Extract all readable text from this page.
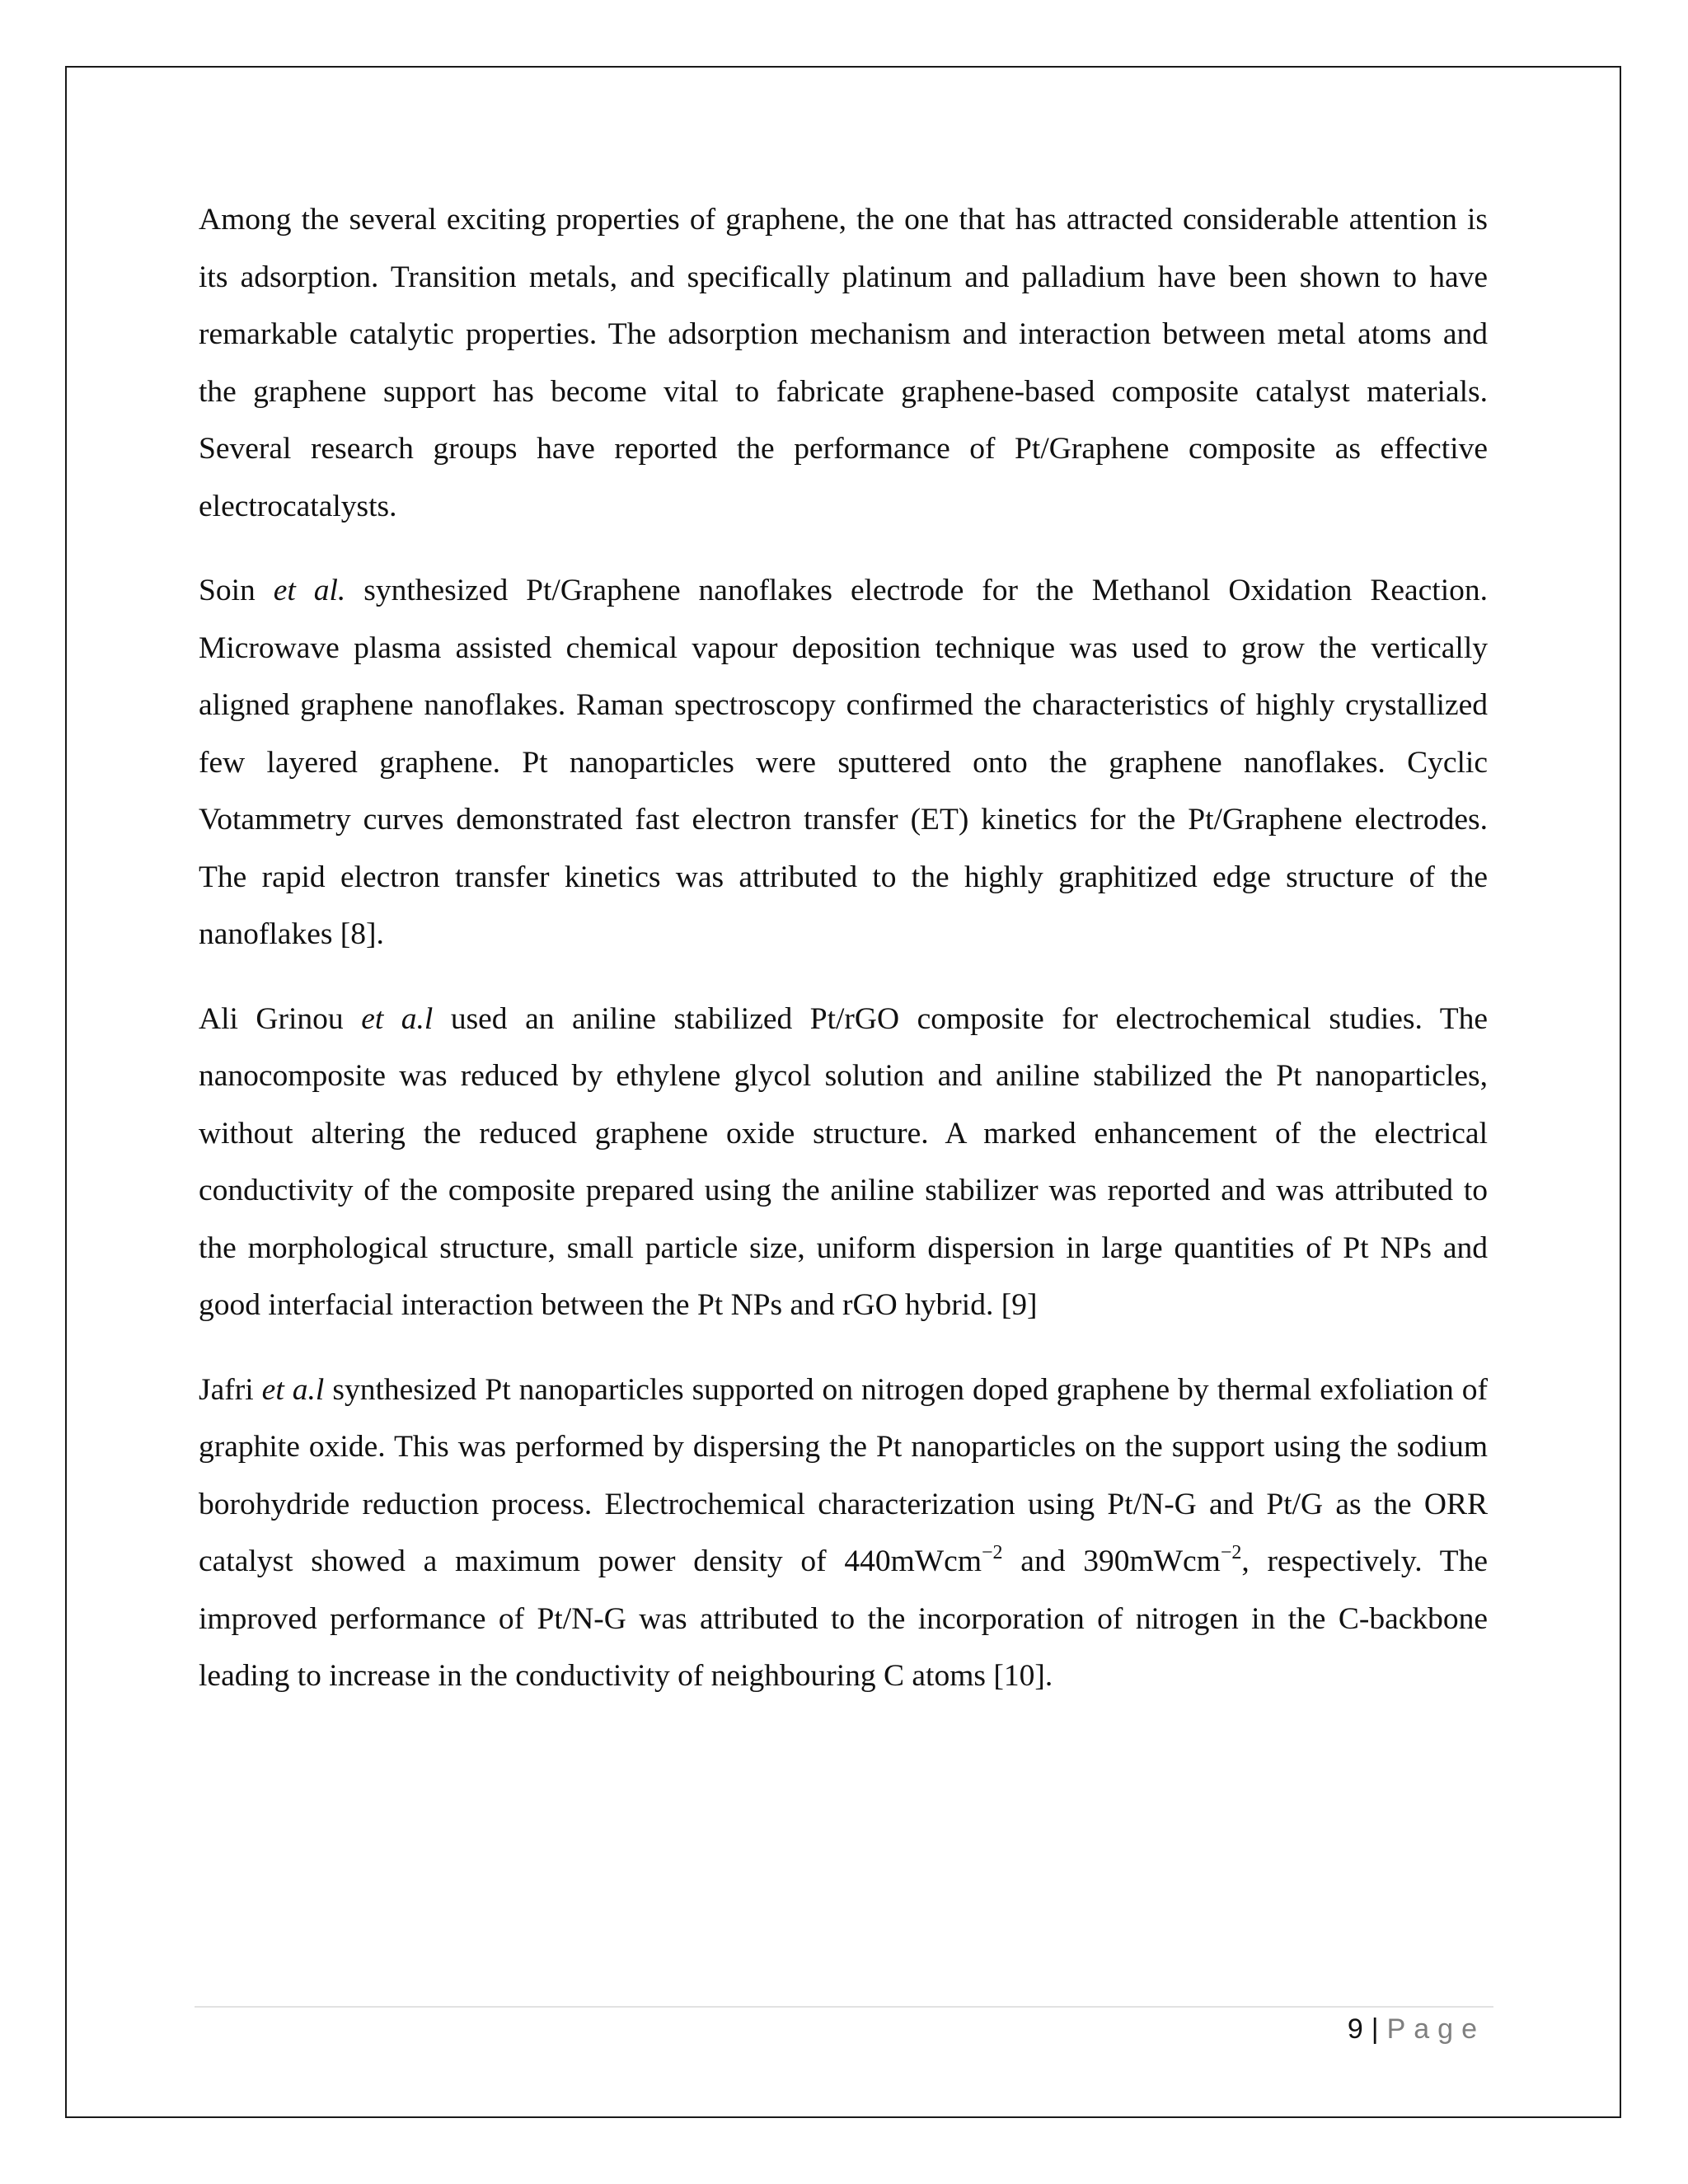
Among the several exciting properties of graphene, the one that has attracted considerable attention is its adsorption. Transition metals, and specifically platinum and palladium have been shown to have remarkable catalytic properties. The adsorption mechanism and interaction between metal atoms and the graphene support has become vital to fabricate graphene-based composite catalyst materials. Several research groups have reported the performance of Pt/Graphene composite as effective electrocatalysts.

Soin et al. synthesized Pt/Graphene nanoflakes electrode for the Methanol Oxidation Reaction. Microwave plasma assisted chemical vapour deposition technique was used to grow the vertically aligned graphene nanoflakes. Raman spectroscopy confirmed the characteristics of highly crystallized few layered graphene. Pt nanoparticles were sputtered onto the graphene nanoflakes. Cyclic Votammetry curves demonstrated fast electron transfer (ET) kinetics for the Pt/Graphene electrodes. The rapid electron transfer kinetics was attributed to the highly graphitized edge structure of the nanoflakes [8].

Ali Grinou et a.l used an aniline stabilized Pt/rGO composite for electrochemical studies. The nanocomposite was reduced by ethylene glycol solution and aniline stabilized the Pt nanoparticles, without altering the reduced graphene oxide structure. A marked enhancement of the electrical conductivity of the composite prepared using the aniline stabilizer was reported and was attributed to the morphological structure, small particle size, uniform dispersion in large quantities of Pt NPs and good interfacial interaction between the Pt NPs and rGO hybrid. [9]

Jafri et a.l synthesized Pt nanoparticles supported on nitrogen doped graphene by thermal exfoliation of graphite oxide. This was performed by dispersing the Pt nanoparticles on the support using the sodium borohydride reduction process. Electrochemical characterization using Pt/N-G and Pt/G as the ORR catalyst showed a maximum power density of 440mWcm$^{-2}$ and 390mWcm$^{-2}$, respectively. The improved performance of Pt/N-G was attributed to the incorporation of nitrogen in the C-backbone leading to increase in the conductivity of neighbouring C atoms [10].

9 | Page
